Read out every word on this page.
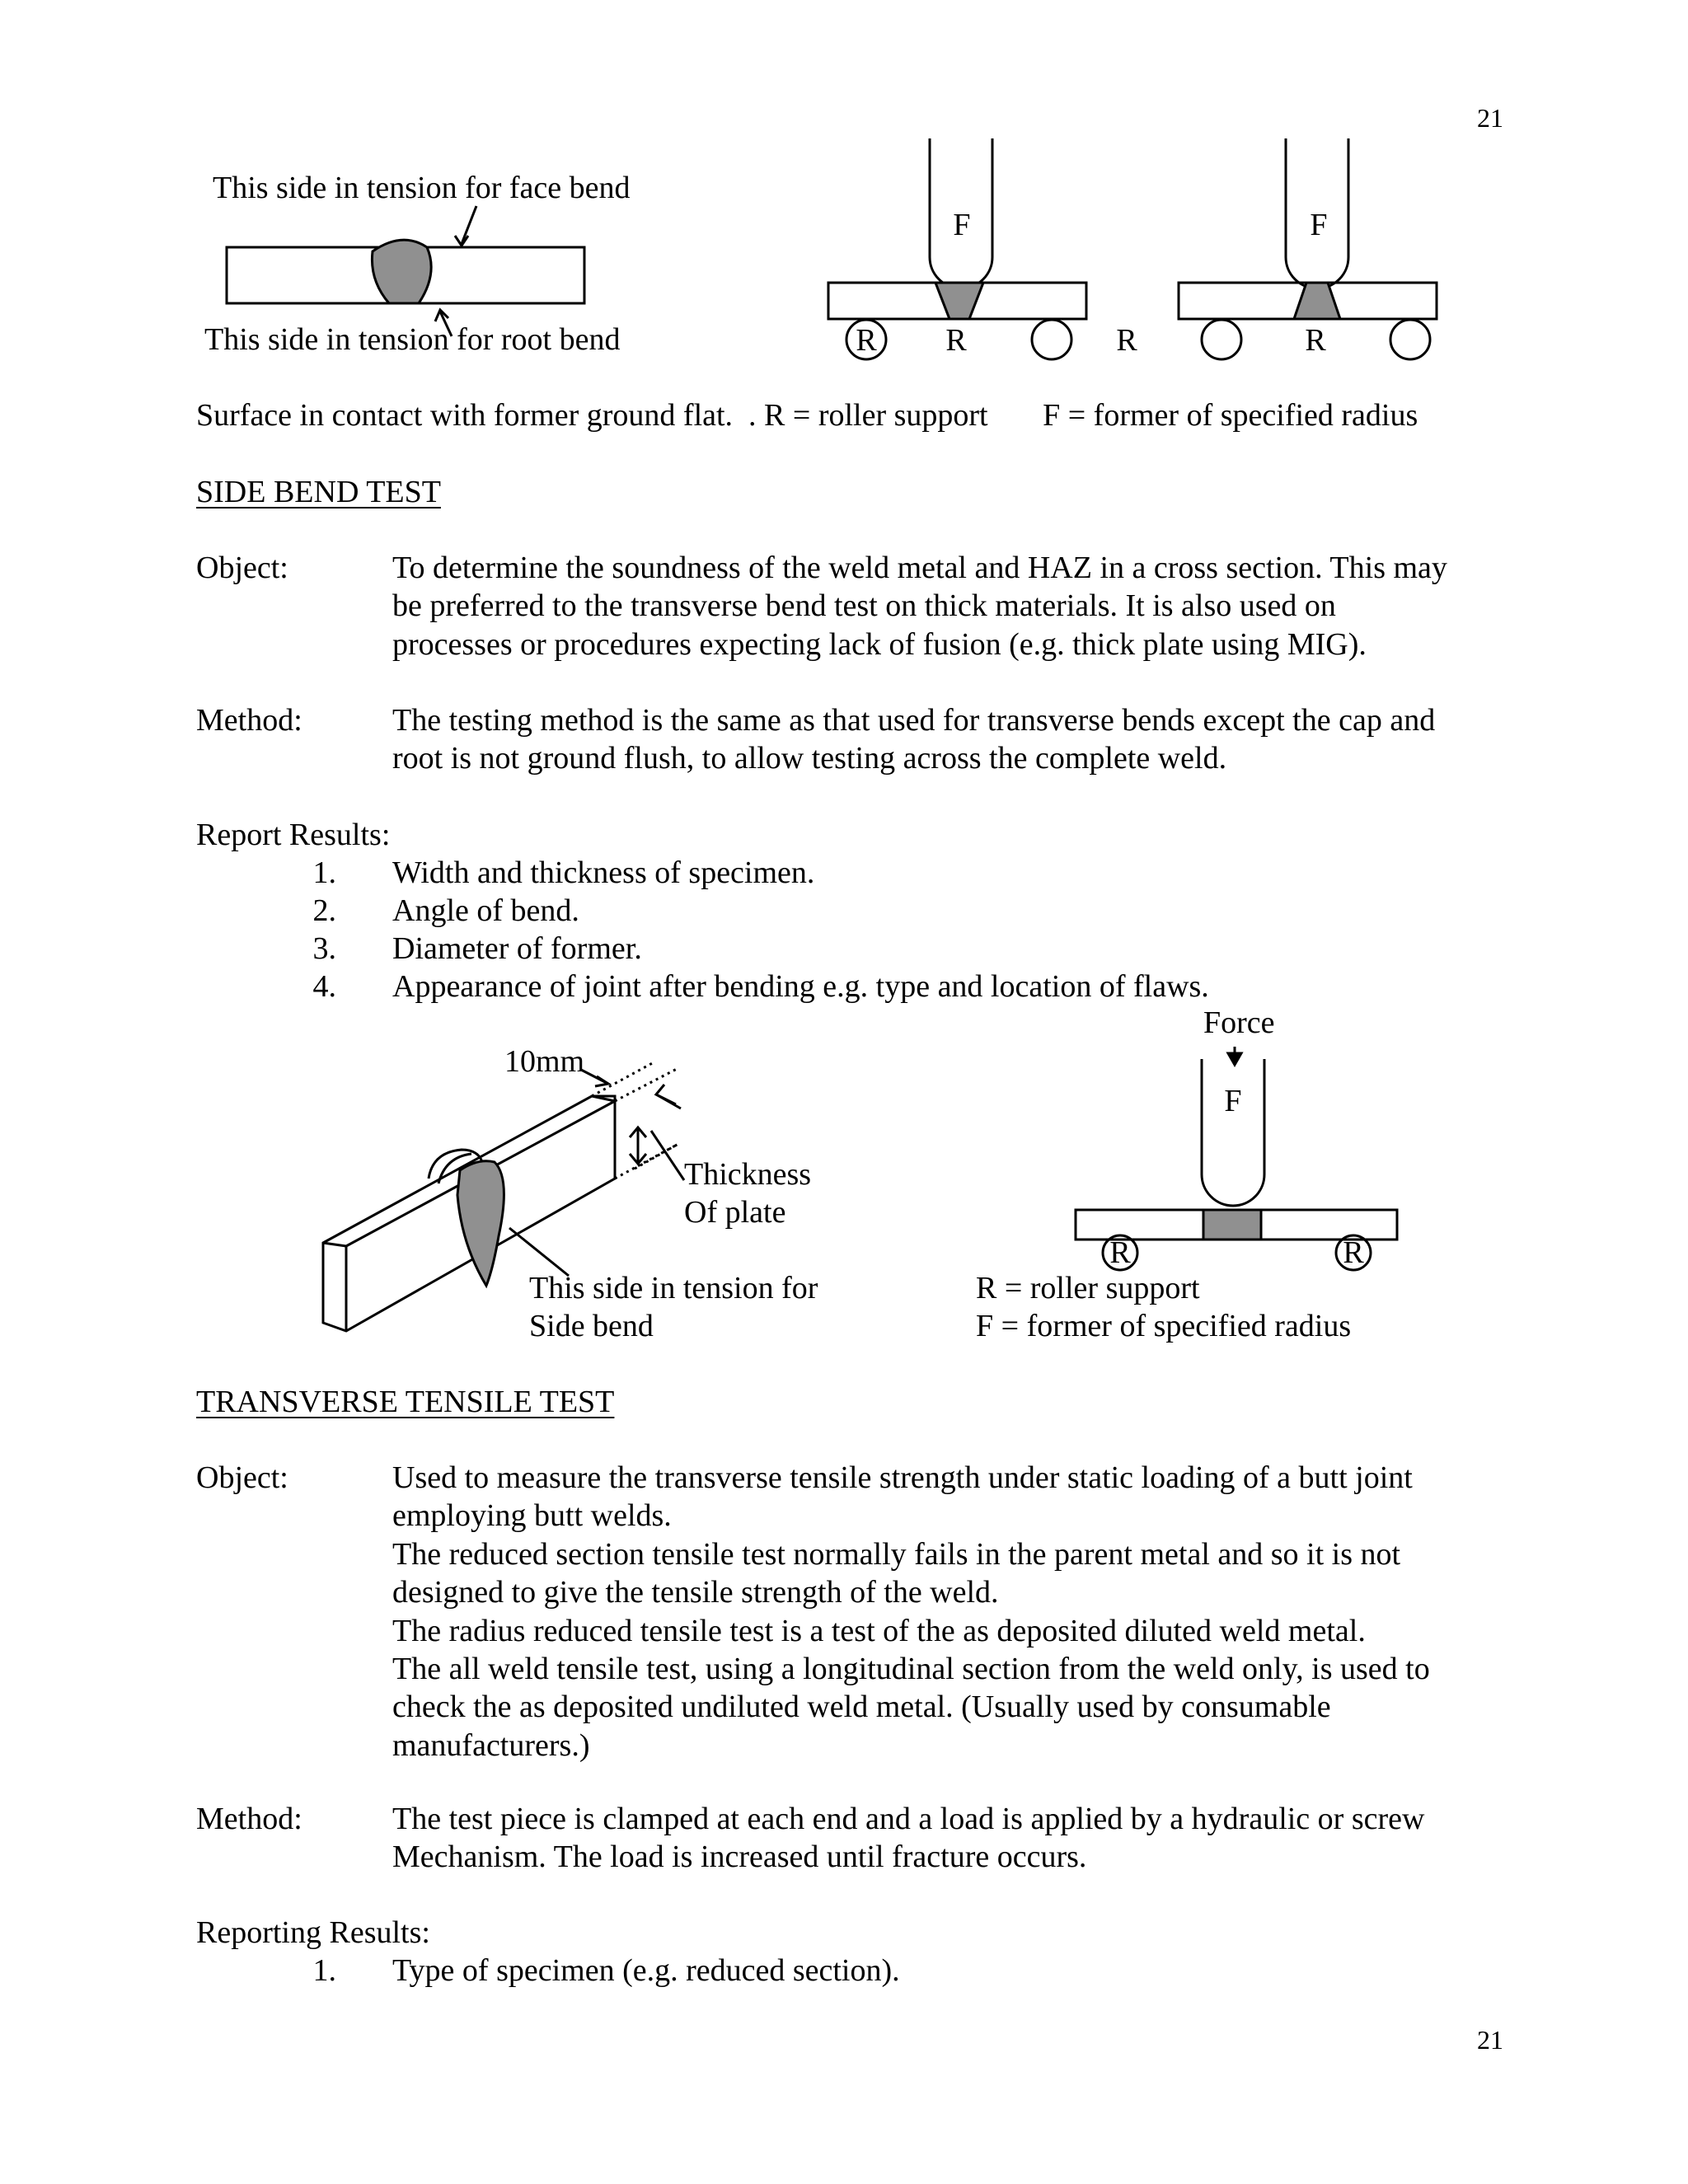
21
21
F	F
R R	R	R
F
R	R
This side in tension for face bend
This side in tension for root bend
Surface in contact with former ground flat.  . R = roller support       F = former of specified radius
SIDE BEND TEST
Object:	To determine the soundness of the weld metal and HAZ in a cross section. This may
be preferred to the transverse bend test on thick materials. It is also used on
processes or procedures expecting lack of fusion (e.g. thick plate using MIG).
Method:	The testing method is the same as that used for transverse bends except the cap and
root is not ground flush, to allow testing across the complete weld.
Report Results:
1. Width and thickness of specimen.
2. Angle of bend.
3. Diameter of former.
4. Appearance of joint after bending e.g. type and location of flaws.
Force
10mm
Thickness
Of plate
This side in tension for
Side bend
R = roller support
F = former of specified radius
TRANSVERSE TENSILE TEST
Object:	Used to measure the transverse tensile strength under static loading of a butt joint
employing butt welds.
The reduced section tensile test normally fails in the parent metal and so it is not
designed to give the tensile strength of the weld.
The radius reduced tensile test is a test of the as deposited diluted weld metal.
The all weld tensile test, using a longitudinal section from the weld only, is used to
check the as deposited undiluted weld metal. (Usually used by consumable
manufacturers.)
Method:	The test piece is clamped at each end and a load is applied by a hydraulic or screw
Mechanism. The load is increased until fracture occurs.
Reporting Results:
1. Type of specimen (e.g. reduced section).
